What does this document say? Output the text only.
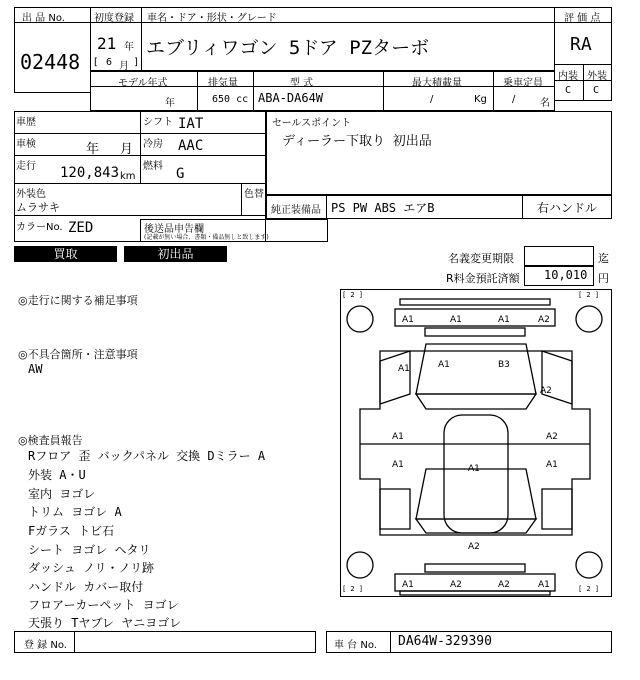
出 品 No.
02448
初度登録
21 年
[ 6 月 ]
車名・ドア・形状・グレード
エブリィワゴン 5ドア PZターボ
評 価 点
RA
内装 外装
C C
モデル年式
年
排気量
650 cc
型 式
ABA-DA64W
最大積載量
/	Kg
乗車定員
/ 名
車歴	シフト IAT
車検	年 月 冷房 AAC
走行 120,843 km
燃料 G
外装色
ムラサキ
色替
カラーNo. ZED
セールスポイント
ディーラー下取り 初出品
純正装備品 PS PW ABS エアB	右ハンドル
後送品申告欄
(記載が無い場合、書類・備品無しと致します)
買取	初出品	名義変更期限	迄
R料金預託済額 10,010 円
◎走行に関する補足事項
◎不具合箇所・注意事項
AW
◎検査員報告
Rフロア 歪 バックパネル 交換 Dミラー A
外装 A・U
室内 ヨゴレ
トリム ヨゴレ A
Fガラス トビ石
シート ヨゴレ ヘタリ
ダッシュ ノリ・ノリ跡
ハンドル カバー取付
フロアーカーペット ヨゴレ
天張り Tヤブレ ヤニヨゴレ
[ 2 ]	[ 2 ]
[ 2 ]	[ 2 ]
A1	A1	A1	A2
A1	A1	B3
A2
A1	A2
A1	A1	A1
A2
A1	A2	A2	A1
登 録 No.	車 台 No. DA64W-329390
